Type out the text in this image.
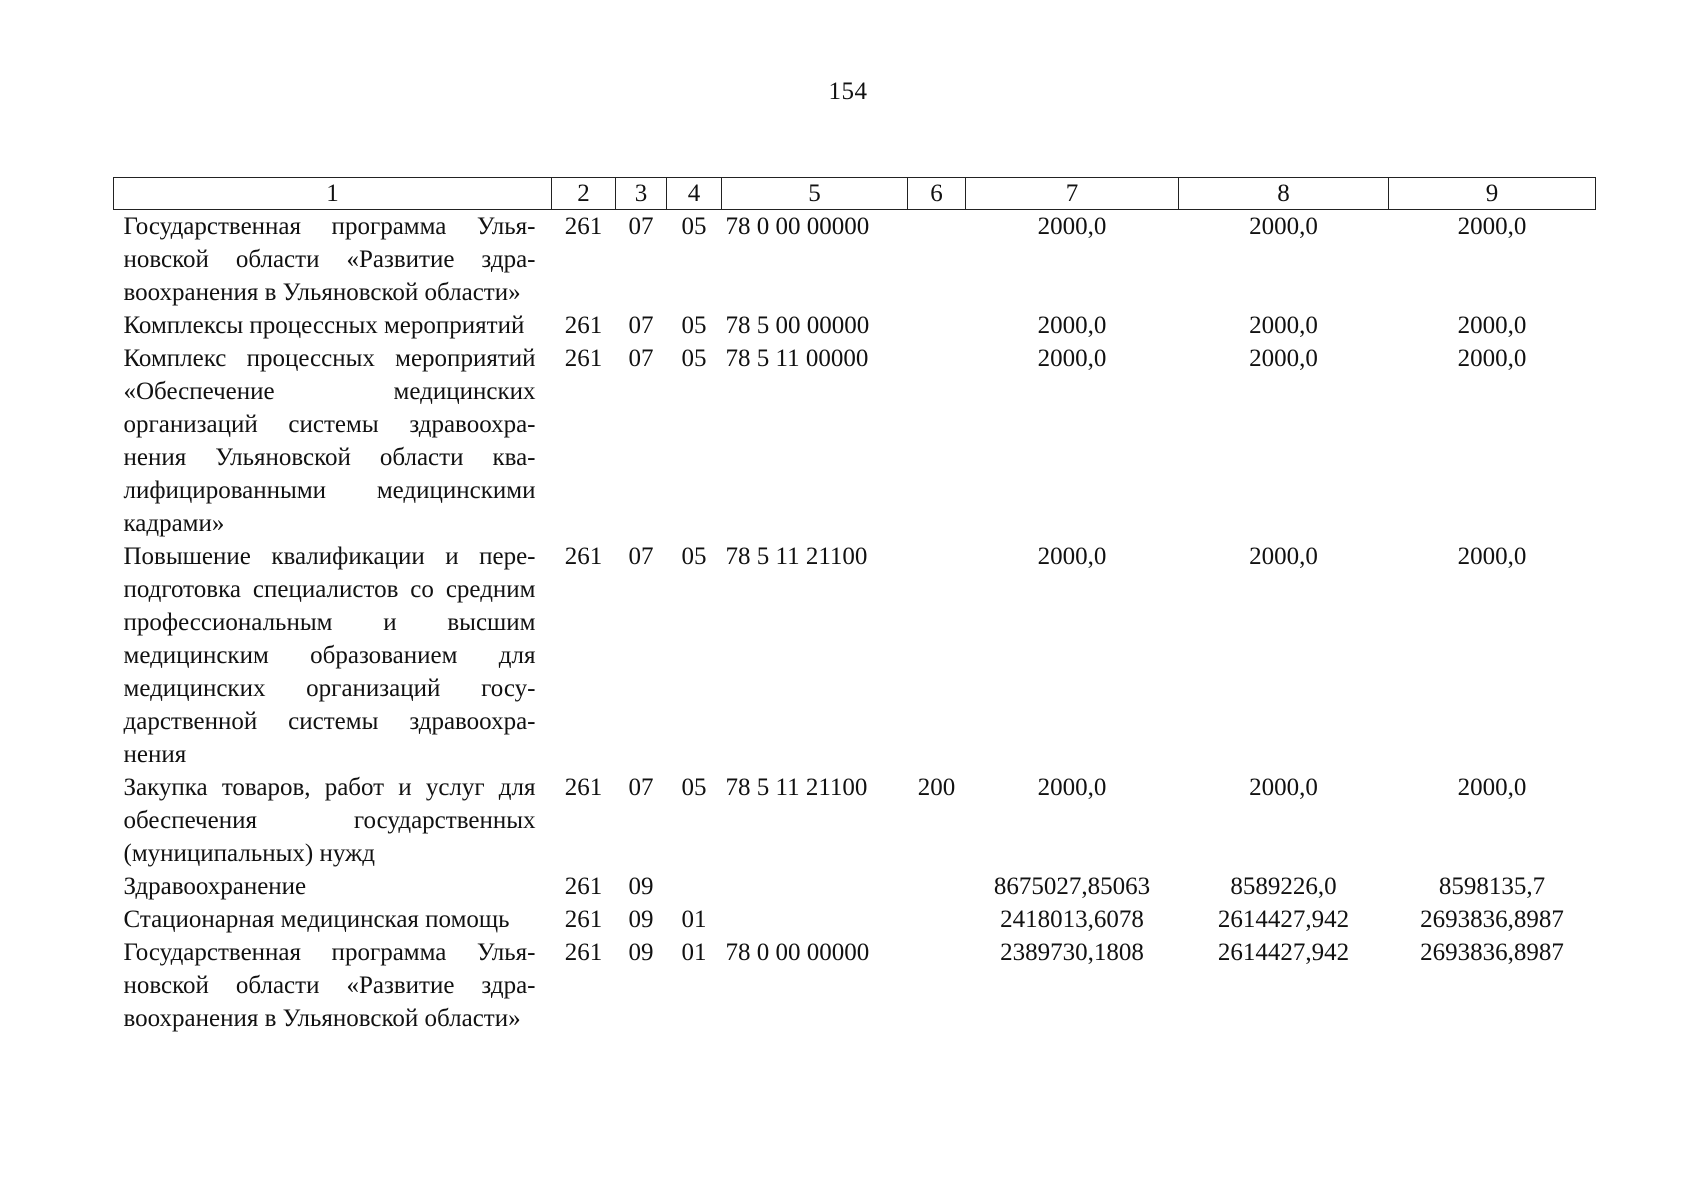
154
1	2	3	4	5	6	7	8	9
Государственная программа Ульяновской области «Развитие здравоохранения в Ульяновской области»	261	07	05	78 0 00 00000		2000,0	2000,0	2000,0
Комплексы процессных мероприятий	261	07	05	78 5 00 00000		2000,0	2000,0	2000,0
Комплекс процессных мероприятий «Обеспечение медицинских организаций системы здравоохранения Ульяновской области квалифицированными медицинскими кадрами»	261	07	05	78 5 11 00000		2000,0	2000,0	2000,0
Повышение квалификации и переподготовка специалистов со средним профессиональным и высшим медицинским образованием для медицинских организаций государственной системы здравоохранения	261	07	05	78 5 11 21100		2000,0	2000,0	2000,0
Закупка товаров, работ и услуг для обеспечения государственных (муниципальных) нужд	261	07	05	78 5 11 21100	200	2000,0	2000,0	2000,0
Здравоохранение	261	09				8675027,85063	8589226,0	8598135,7
Стационарная медицинская помощь	261	09	01			2418013,6078	2614427,942	2693836,8987
Государственная программа Ульяновской области «Развитие здравоохранения в Ульяновской области»	261	09	01	78 0 00 00000		2389730,1808	2614427,942	2693836,8987
